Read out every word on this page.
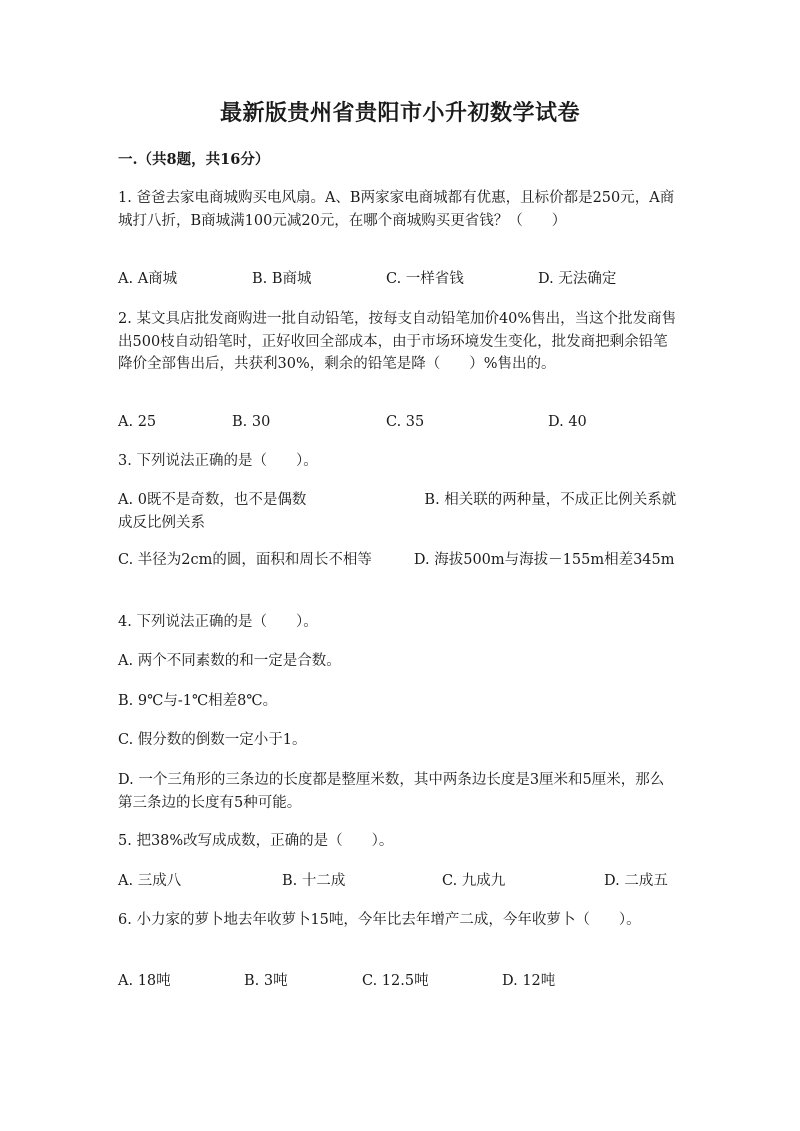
最新版贵州省贵阳市小升初数学试卷
一.（共8题，共16分）
1. 爸爸去家电商城购买电风扇。A、B两家家电商城都有优惠，且标价都是250元，A商城打八折，B商城满100元减20元，在哪个商城购买更省钱？（　　）
A. A商城	B. B商城	C. 一样省钱	D. 无法确定
2. 某文具店批发商购进一批自动铅笔，按每支自动铅笔加价40%售出，当这个批发商售出500枝自动铅笔时，正好收回全部成本，由于市场环境发生变化，批发商把剩余铅笔降价全部售出后，共获利30%，剩余的铅笔是降（　　）%售出的。
A. 25	B. 30	C. 35	D. 40
3. 下列说法正确的是（　　）。
A. 0既不是奇数，也不是偶数	B. 相关联的两种量，不成正比例关系就成反比例关系
C. 半径为2cm的圆，面积和周长不相等	D. 海拔500m与海拔－155m相差345m
4. 下列说法正确的是（　　）。
A. 两个不同素数的和一定是合数。
B. 9℃与-1℃相差8℃。
C. 假分数的倒数一定小于1。
D. 一个三角形的三条边的长度都是整厘米数，其中两条边长度是3厘米和5厘米，那么第三条边的长度有5种可能。
5. 把38%改写成成数，正确的是（　　）。
A. 三成八	B. 十二成	C. 九成九	D. 二成五
6. 小力家的萝卜地去年收萝卜15吨，今年比去年增产二成，今年收萝卜（　　）。
A. 18吨	B. 3吨	C. 12.5吨	D. 12吨
